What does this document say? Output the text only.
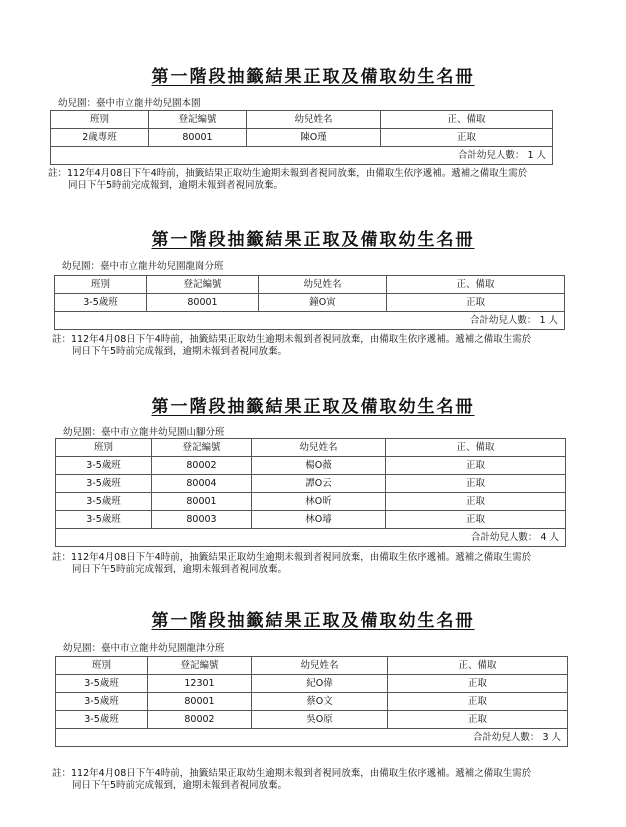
第一階段抽籤結果正取及備取幼生名冊
幼兒園：臺中市立龍井幼兒園本園
班別	登記編號	幼兒姓名	正、備取
2歲專班	80001	陳O瑾	正取
合計幼兒人數： 1 人			
註：112年4月08日下午4時前，抽籤結果正取幼生逾期未報到者視同放棄，由備取生依序遞補。遞補之備取生需於
同日下午5時前完成報到，逾期未報到者視同放棄。
第一階段抽籤結果正取及備取幼生名冊
幼兒園：臺中市立龍井幼兒園龍崗分班
班別	登記編號	幼兒姓名	正、備取
3-5歲班	80001	鐘O寅	正取
合計幼兒人數： 1 人			
註：112年4月08日下午4時前，抽籤結果正取幼生逾期未報到者視同放棄，由備取生依序遞補。遞補之備取生需於
同日下午5時前完成報到，逾期未報到者視同放棄。
第一階段抽籤結果正取及備取幼生名冊
幼兒園：臺中市立龍井幼兒園山腳分班
班別	登記編號	幼兒姓名	正、備取
3-5歲班	80002	楊O薇	正取
3-5歲班	80004	譚O云	正取
3-5歲班	80001	林O昕	正取
3-5歲班	80003	林O璿	正取
合計幼兒人數： 4 人			
註：112年4月08日下午4時前，抽籤結果正取幼生逾期未報到者視同放棄，由備取生依序遞補。遞補之備取生需於
同日下午5時前完成報到，逾期未報到者視同放棄。
第一階段抽籤結果正取及備取幼生名冊
幼兒園：臺中市立龍井幼兒園龍津分班
班別	登記編號	幼兒姓名	正、備取
3-5歲班	12301	紀O偉	正取
3-5歲班	80001	蔡O文	正取
3-5歲班	80002	吳O原	正取
合計幼兒人數： 3 人			
註：112年4月08日下午4時前，抽籤結果正取幼生逾期未報到者視同放棄，由備取生依序遞補。遞補之備取生需於
同日下午5時前完成報到，逾期未報到者視同放棄。
